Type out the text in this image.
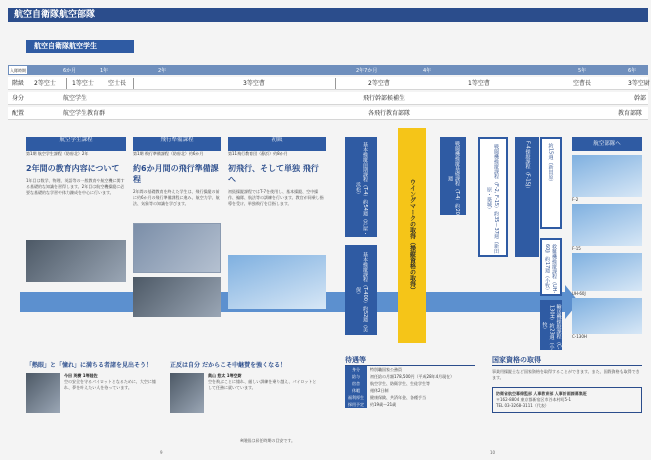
航空自衛隊航空部隊
航空自衛隊航空学生
入隊時期	6か月	1年	2年	2年7か月	4年	5年	6年
階級	2等空士	1等空士 空士長	3等空曹	2等空曹	1等空曹	空曹長	3等空尉
身分	航空学生	飛行幹部候補生	幹部
配置	航空学生教育群	各飛行教育部隊	教育部隊
航空学生課程
第1期 航空学生課程（防府北）2年
2年間の教育内容について
1年目は数学、物理、英語等の一般教育や航空機に関する基礎的な知識を習得します。2年目は航空機操縦に必要な基礎的な学習や体力錬成を中心に行います。
飛行準備課程
第1期 飛行準備課程（防府北）約6か月
約6か月間の飛行準備課程
2年間の基礎教育を終えた学生は、飛行操縦の前に約6か月の飛行準備課程に進み、航空力学、航法、気象等の知識を学びます。
初級
第11飛行教育団（静浜）約8か月
初飛行、そして単独 飛行へ
初級操縦課程ではT-7を使用し、基本操縦、空中操作、編隊、航法等の訓練を行います。教官が同乗し指導を受け、単独飛行を目指します。	基本操縦前期課程（T-4）約54週（芦屋・浜松）
基本操縦課程（T-400）約52週（美保）	ウイングマークの取得（操縦資格の取得）
戦闘機操縦基礎課程（T-4）約20週	戦闘機操縦課程（F-2, F-15）約35〜37週（新田原・築城）
F-4操縦課程（F-15J）	約15週（新田原）
救難機操縦課程（UH-60J）約17週（小牧）
輸送機操縦課程（C-130H）約23週（小牧）
航空部隊へ
F-2
F-15
UH-60J
C-130H
「熱眼」と「憧れ」に満ちる者諸を見出そう！
今田 英樹 1等陸佐
空の安全を守るパイロットとなるために、大空に憧れ、夢を叶えたい人を待っています。
正反は自分 だからこそ中継賛を強くなる！
奥山 悠太 1等空尉
空を飛ぶことに憧れ、厳しい訓練を乗り越え、パイロットとして任務に就いています。
待遇等
身分	特別職国家公務員
給与	初任給の月額178,500円（平成28年4月現在）
宿舎	航空学生、防衛学生、生徒学生等
休暇	週休2日制
福利厚生 健康保険、共済年金、各種手当
採用予定 約19歳〜21歳
国家資格の取得
事業用操縦士など国家資格を取得することができます。また、国際資格も取得できます。
防衛省航空幕僚監部 人事教育部 人事計画課募集班
〒162-8804 東京都新宿区市谷本村町5-1
TEL 03-3268-3111（代表）
9	10
※階級は昇任時期の目安です。
